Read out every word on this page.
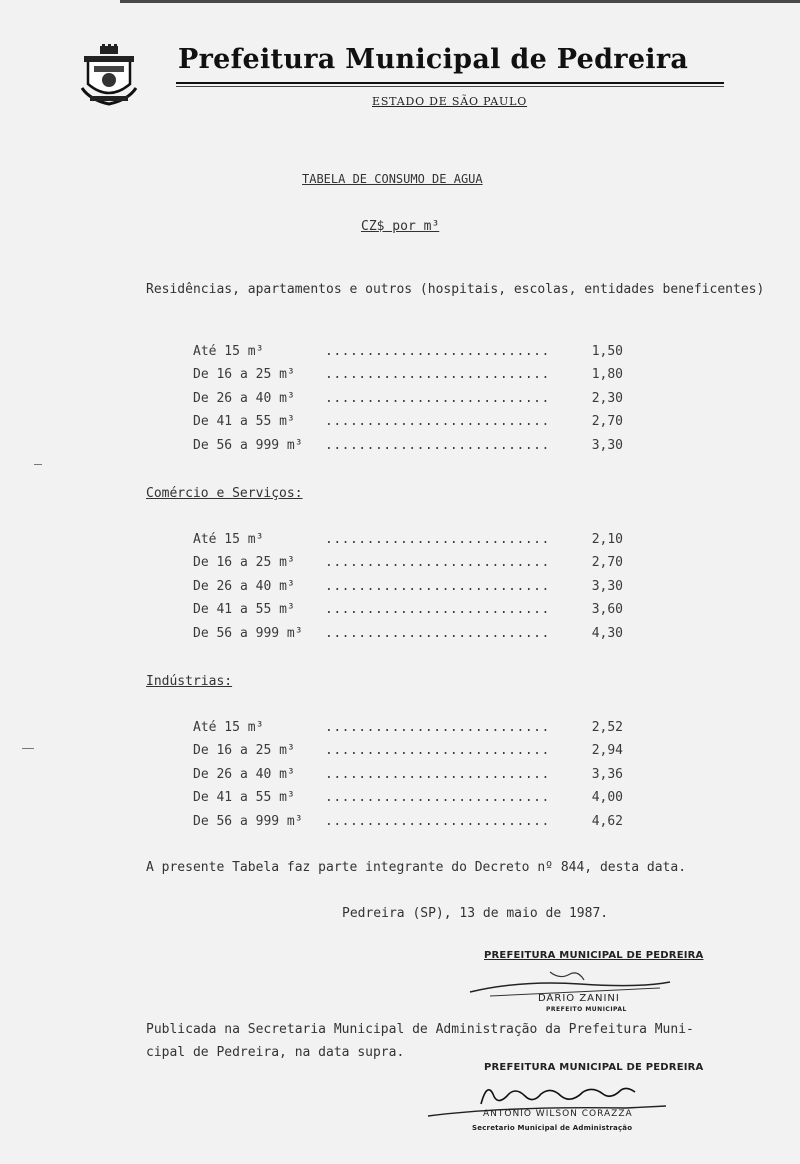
Prefeitura Municipal de Pedreira
ESTADO DE SÃO PAULO
TABELA DE CONSUMO DE AGUA
CZ$ por m³
Residências, apartamentos e outros (hospitais, escolas, entidades beneficentes)
Até 15 m³	...........................	1,50
De 16 a 25 m³ ...........................	1,80
De 26 a 40 m³ ...........................	2,30
De 41 a 55 m³ ...........................	2,70
De 56 a 999 m³ ...........................	3,30
Comércio e Serviços:
Até 15 m³	...........................	2,10
De 16 a 25 m³ ...........................	2,70
De 26 a 40 m³ ...........................	3,30
De 41 a 55 m³ ...........................	3,60
De 56 a 999 m³ ...........................	4,30
Indústrias:
Até 15 m³	...........................	2,52
De 16 a 25 m³ ...........................	2,94
De 26 a 40 m³ ...........................	3,36
De 41 a 55 m³ ...........................	4,00
De 56 a 999 m³ ...........................	4,62
A presente Tabela faz parte integrante do Decreto nº 844, desta data.
Pedreira (SP), 13 de maio de 1987.
PREFEITURA MUNICIPAL DE PEDREIRA
DARIO ZANINI
PREFEITO MUNICIPAL
Publicada na Secretaria Municipal de Administração da Prefeitura Muni-
cipal de Pedreira, na data supra.
PREFEITURA MUNICIPAL DE PEDREIRA
ANTONIO WILSON CORAZZA
Secretario Municipal de Administração
